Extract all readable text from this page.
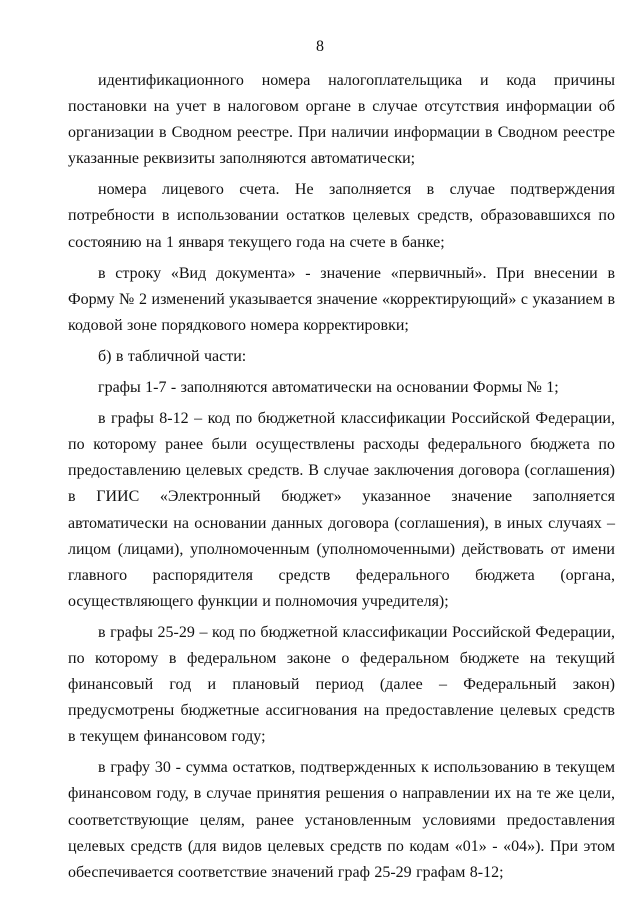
8

идентификационного номера налогоплательщика и кода причины постановки на учет в налоговом органе в случае отсутствия информации об организации в Сводном реестре. При наличии информации в Сводном реестре указанные реквизиты заполняются автоматически;

номера лицевого счета. Не заполняется в случае подтверждения потребности в использовании остатков целевых средств, образовавшихся по состоянию на 1 января текущего года на счете в банке;

в строку «Вид документа» - значение «первичный». При внесении в Форму № 2 изменений указывается значение «корректирующий» с указанием в кодовой зоне порядкового номера корректировки;

б) в табличной части:

графы 1-7 - заполняются автоматически на основании Формы № 1;

в графы 8-12 – код по бюджетной классификации Российской Федерации, по которому ранее были осуществлены расходы федерального бюджета по предоставлению целевых средств. В случае заключения договора (соглашения) в ГИИС «Электронный бюджет» указанное значение заполняется автоматически на основании данных договора (соглашения), в иных случаях – лицом (лицами), уполномоченным (уполномоченными) действовать от имени главного распорядителя средств федерального бюджета (органа, осуществляющего функции и полномочия учредителя);

в графы 25-29 – код по бюджетной классификации Российской Федерации, по которому в федеральном законе о федеральном бюджете на текущий финансовый год и плановый период (далее – Федеральный закон) предусмотрены бюджетные ассигнования на предоставление целевых средств в текущем финансовом году;

в графу 30 - сумма остатков, подтвержденных к использованию в текущем финансовом году, в случае принятия решения о направлении их на те же цели, соответствующие целям, ранее установленным условиями предоставления целевых средств (для видов целевых средств по кодам «01» - «04»). При этом обеспечивается соответствие значений граф 25-29 графам 8-12;
